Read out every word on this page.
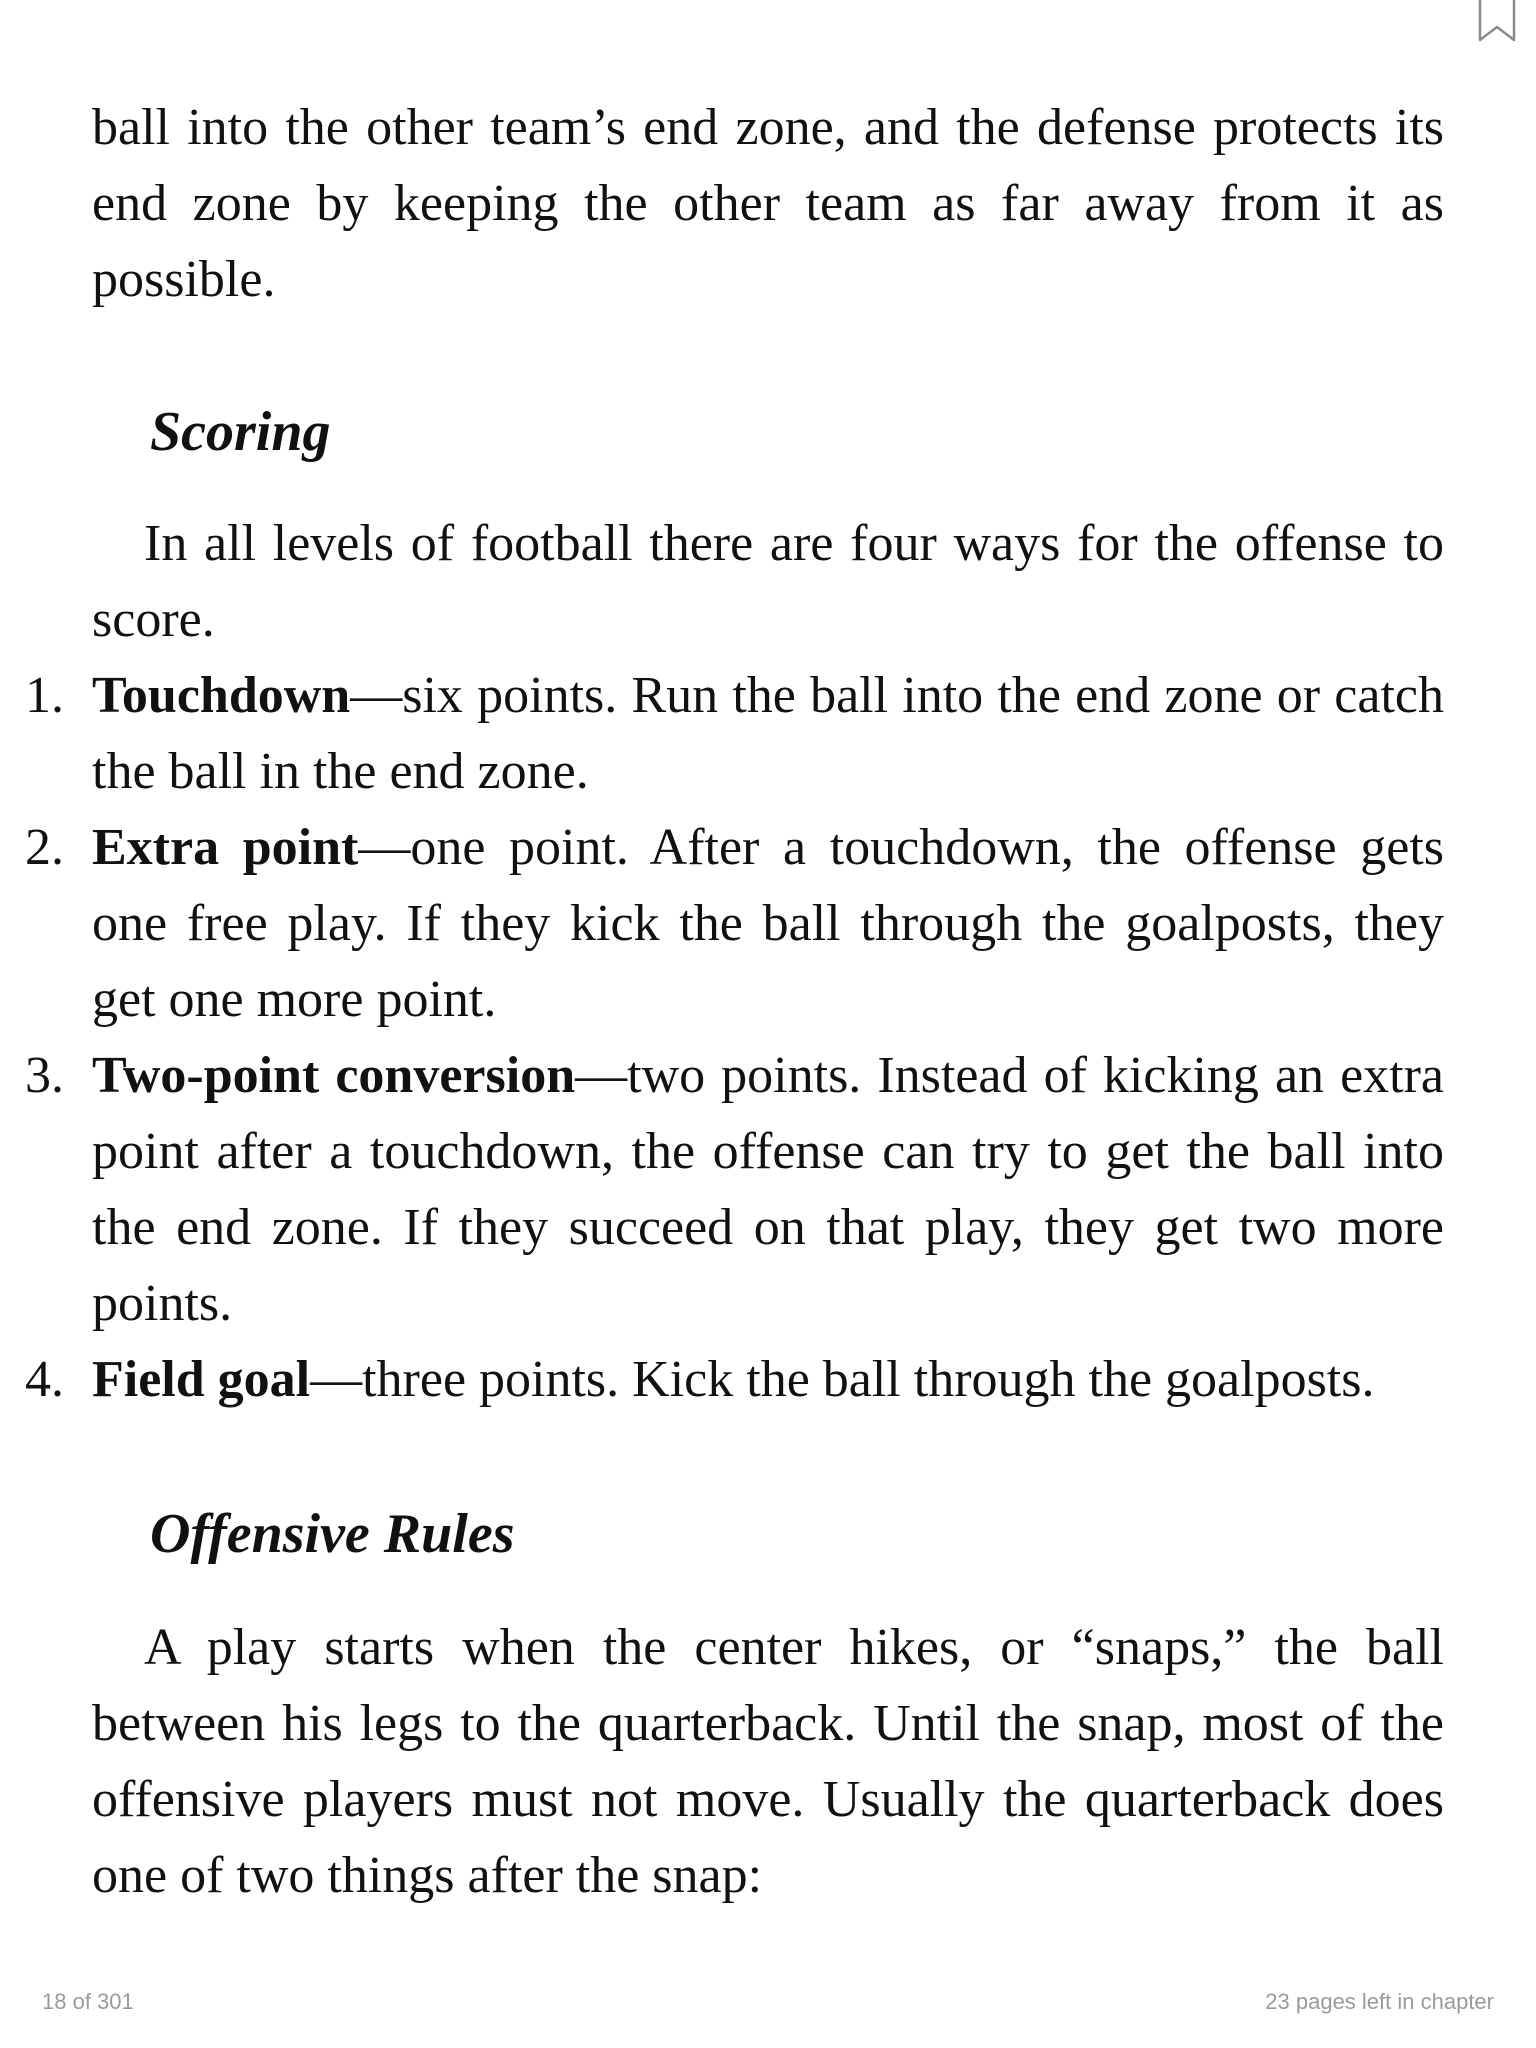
ball into the other team’s end zone, and the defense protects its end zone by keeping the other team as far away from it as possible.

Scoring

In all levels of football there are four ways for the offense to score.

1. Touchdown—six points. Run the ball into the end zone or catch the ball in the end zone.
2. Extra point—one point. After a touchdown, the offense gets one free play. If they kick the ball through the goalposts, they get one more point.
3. Two-point conversion—two points. Instead of kicking an extra point after a touchdown, the offense can try to get the ball into the end zone. If they succeed on that play, they get two more points.
4. Field goal—three points. Kick the ball through the goalposts.
Offensive Rules

A play starts when the center hikes, or “snaps,” the ball between his legs to the quarterback. Until the snap, most of the offensive players must not move. Usually the quarterback does one of two things after the snap:

18 of 301	23 pages left in chapter
